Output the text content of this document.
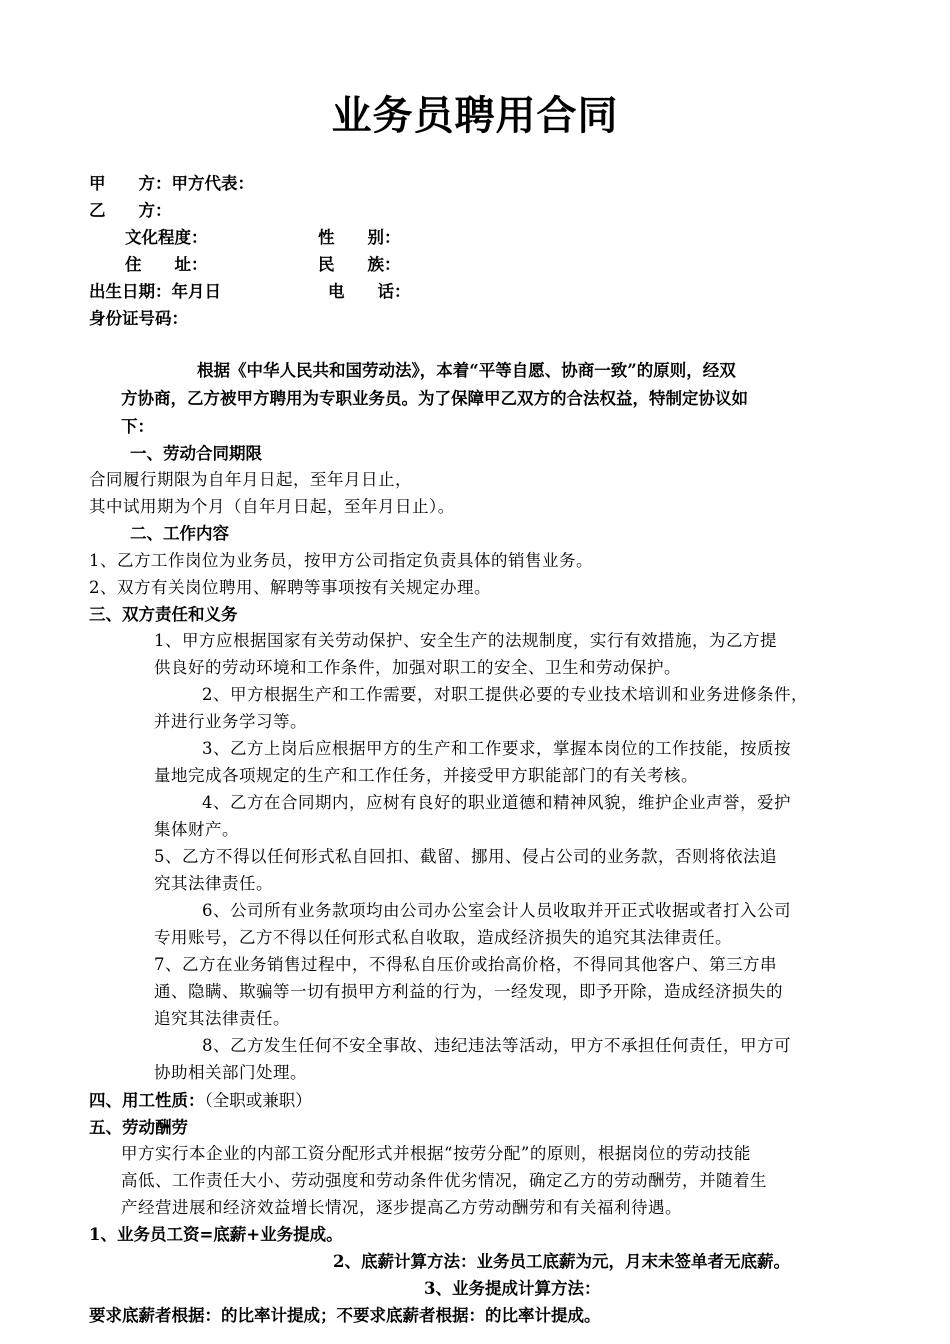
业务员聘用合同
甲　　方：甲方代表：
乙　　方：
文化程度：	性　　别：
住　　址：	民　　族：
出生日期：年月日	电　　话：
身份证号码：
根据《中华人民共和国劳动法》，本着“平等自愿、协商一致”的原则，经双
方协商，乙方被甲方聘用为专职业务员。为了保障甲乙双方的合法权益，特制定协议如
下：
一、劳动合同期限
合同履行期限为自年月日起，至年月日止，
其中试用期为个月（自年月日起，至年月日止）。
二、工作内容
1、乙方工作岗位为业务员，按甲方公司指定负责具体的销售业务。
2、双方有关岗位聘用、解聘等事项按有关规定办理。
三、双方责任和义务
1、甲方应根据国家有关劳动保护、安全生产的法规制度，实行有效措施，为乙方提
供良好的劳动环境和工作条件，加强对职工的安全、卫生和劳动保护。
2、甲方根据生产和工作需要，对职工提供必要的专业技术培训和业务进修条件，
并进行业务学习等。
3、乙方上岗后应根据甲方的生产和工作要求，掌握本岗位的工作技能，按质按
量地完成各项规定的生产和工作任务，并接受甲方职能部门的有关考核。
4、乙方在合同期内，应树有良好的职业道德和精神风貌，维护企业声誉，爱护
集体财产。
5、乙方不得以任何形式私自回扣、截留、挪用、侵占公司的业务款，否则将依法追
究其法律责任。
6、公司所有业务款项均由公司办公室会计人员收取并开正式收据或者打入公司
专用账号，乙方不得以任何形式私自收取，造成经济损失的追究其法律责任。
7、乙方在业务销售过程中，不得私自压价或抬高价格，不得同其他客户、第三方串
通、隐瞒、欺骗等一切有损甲方利益的行为，一经发现，即予开除，造成经济损失的
追究其法律责任。
8、乙方发生任何不安全事故、违纪违法等活动，甲方不承担任何责任，甲方可
协助相关部门处理。
四、用工性质：（全职或兼职）
五、劳动酬劳
甲方实行本企业的内部工资分配形式并根据“按劳分配”的原则，根据岗位的劳动技能
高低、工作责任大小、劳动强度和劳动条件优劣情况，确定乙方的劳动酬劳，并随着生
产经营进展和经济效益增长情况，逐步提高乙方劳动酬劳和有关福利待遇。
1、业务员工资=底薪+业务提成。
2、底薪计算方法：业务员工底薪为元，月末未签单者无底薪。
3、业务提成计算方法：
要求底薪者根据：的比率计提成；不要求底薪者根据：的比率计提成。
